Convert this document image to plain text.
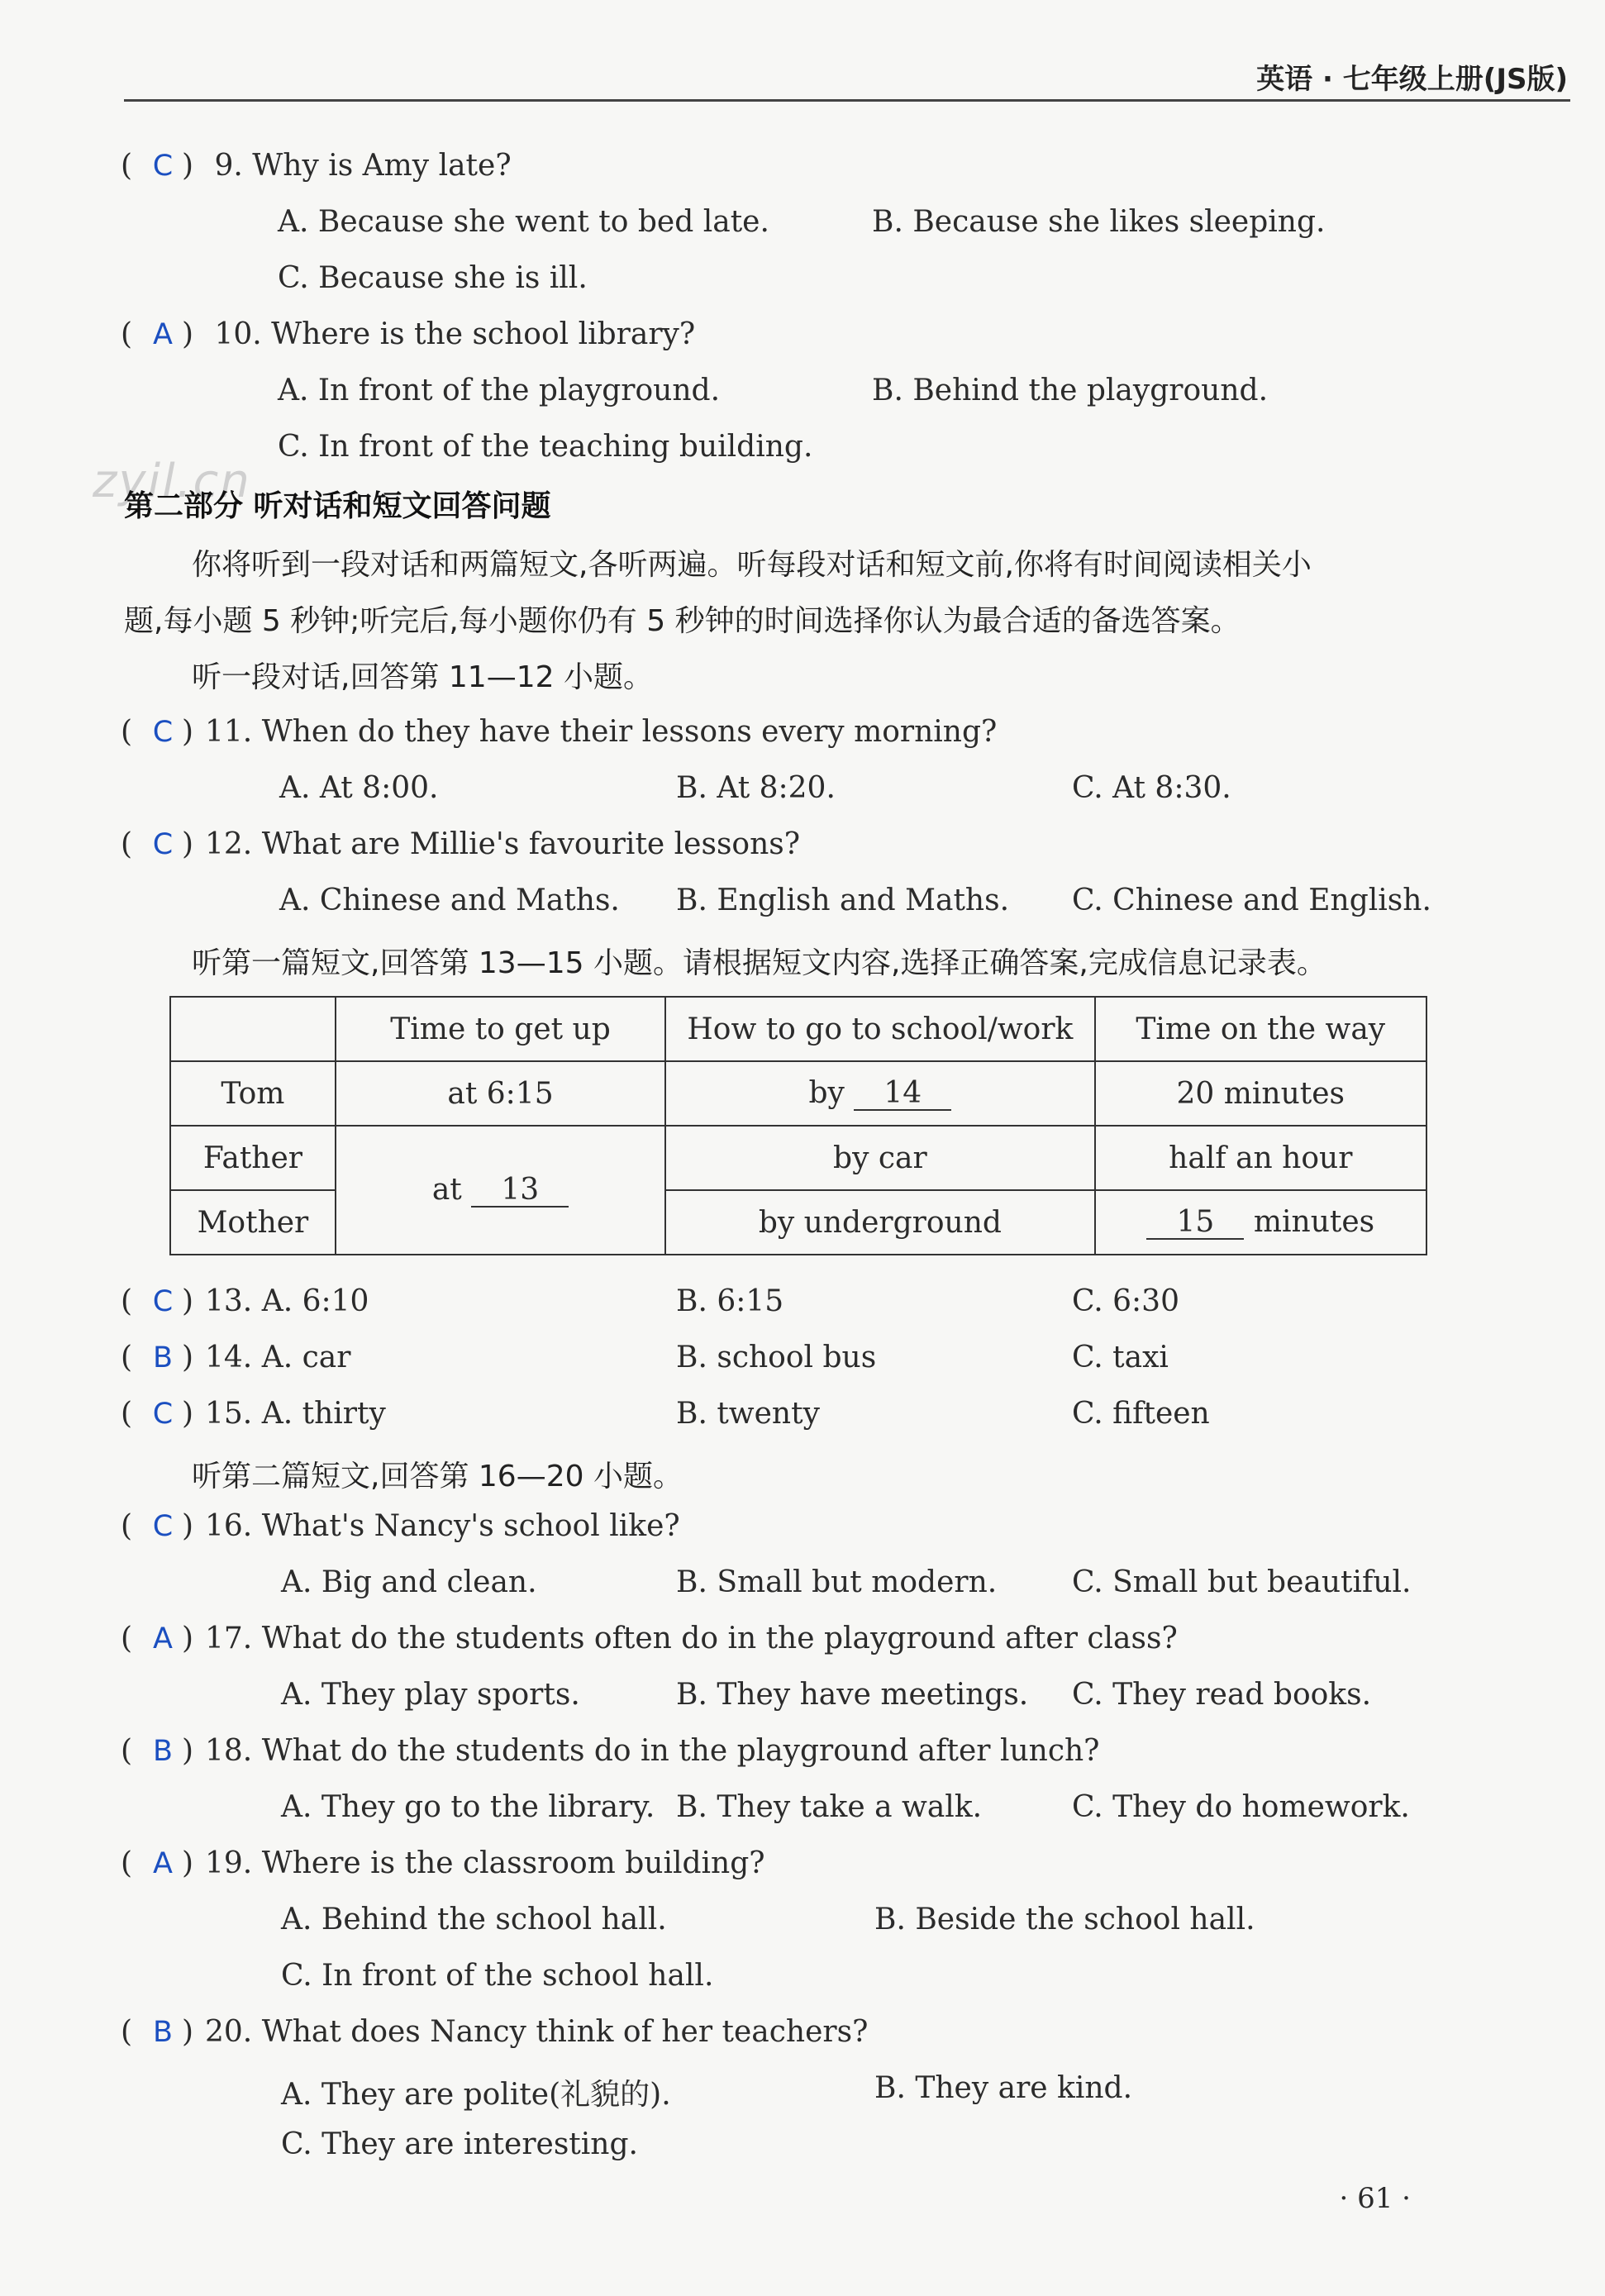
英语 · 七年级上册(JS版)
zyil.cn
( C ) 9. Why is Amy late?
A. Because she went to bed late.	B. Because she likes sleeping.
C. Because she is ill.
( A ) 10. Where is the school library?
A. In front of the playground.	B. Behind the playground.
C. In front of the teaching building.
第二部分 听对话和短文回答问题
你将听到一段对话和两篇短文,各听两遍。听每段对话和短文前,你将有时间阅读相关小
题,每小题 5 秒钟;听完后,每小题你仍有 5 秒钟的时间选择你认为最合适的备选答案。
听一段对话,回答第 11—12 小题。
( C ) 11. When do they have their lessons every morning?
A. At 8:00.	B. At 8:20.	C. At 8:30.
( C ) 12. What are Millie's favourite lessons?
A. Chinese and Maths. B. English and Maths. C. Chinese and English.
听第一篇短文,回答第 13—15 小题。请根据短文内容,选择正确答案,完成信息记录表。
	Time to get up	How to go to school/work	Time on the way
Tom	at 6:15	by 14	20 minutes
Father	at 13	by car	half an hour
Mother		by underground	15 minutes
( C ) 13. A. 6:10	B. 6:15	C. 6:30
( B ) 14. A. car	B. school bus	C. taxi
( C ) 15. A. thirty	B. twenty	C. fifteen
听第二篇短文,回答第 16—20 小题。
( C ) 16. What's Nancy's school like?
A. Big and clean.	B. Small but modern.	C. Small but beautiful.
( A ) 17. What do the students often do in the playground after class?
A. They play sports.	B. They have meetings. C. They read books.
( B ) 18. What do the students do in the playground after lunch?
A. They go to the library. B. They take a walk.	C. They do homework.
( A ) 19. Where is the classroom building?
A. Behind the school hall.	B. Beside the school hall.
C. In front of the school hall.
( B ) 20. What does Nancy think of her teachers?
A. They are polite(礼貌的).	B. They are kind.
C. They are interesting.
· 61 ·
